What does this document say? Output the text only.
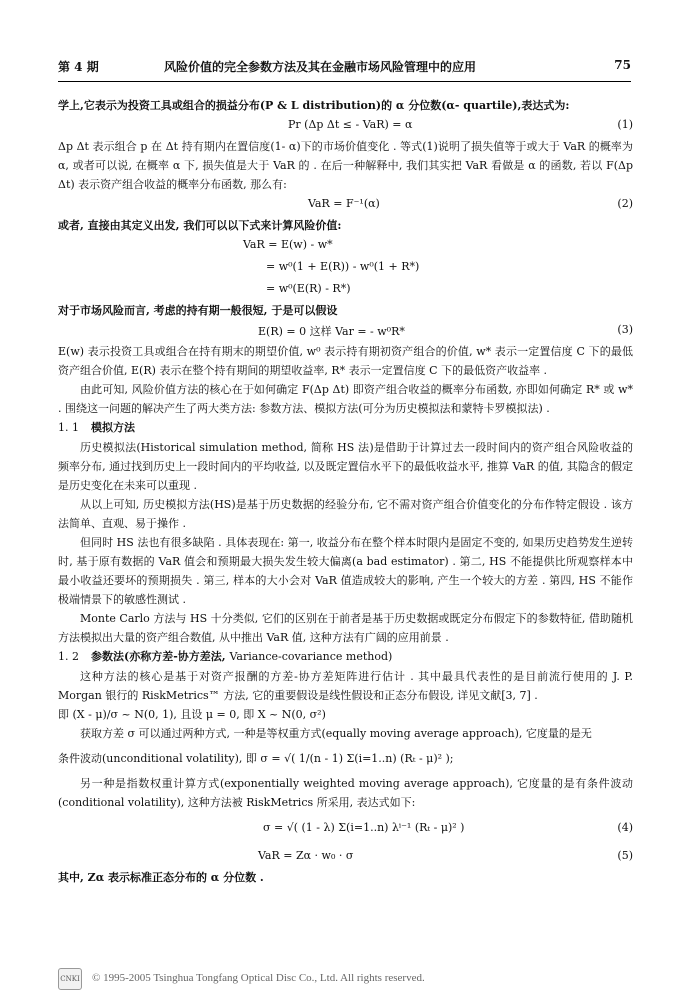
第 4 期	风险价值的完全参数方法及其在金融市场风险管理中的应用	75
学上,它表示为投资工具或组合的损益分布(P & L distribution)的 α 分位数(α- quartile),表达式为:
Pr (Δp Δt ≤ - VaR) = α	(1)
Δp Δt 表示组合 p 在 Δt 持有期内在置信度(1- α)下的市场价值变化 . 等式(1)说明了损失值等于或大于 VaR 的概率为 α, 或者可以说, 在概率 α 下, 损失值是大于 VaR 的 . 在后一种解释中, 我们其实把 VaR 看做是 α 的函数, 若以 F(Δp Δt) 表示资产组合收益的概率分布函数, 那么有:
VaR = F⁻¹(α)	(2)
或者, 直接由其定义出发, 我们可以以下式来计算风险价值:
VaR = E(w) - w*
= w⁰(1 + E(R)) - w⁰(1 + R*)
= w⁰(E(R) - R*)
对于市场风险而言, 考虑的持有期一般很短, 于是可以假设
E(R) = 0 这样 Var = - w⁰R*	(3)
E(w) 表示投资工具或组合在持有期末的期望价值, w⁰ 表示持有期初资产组合的价值, w* 表示一定置信度 C 下的最低资产组合价值, E(R) 表示在整个持有期间的期望收益率, R* 表示一定置信度 C 下的最低资产收益率 .
由此可知, 风险价值方法的核心在于如何确定 F(Δp Δt) 即资产组合收益的概率分布函数, 亦即如何确定 R* 或 w* . 围绕这一问题的解决产生了两大类方法: 参数方法、模拟方法(可分为历史模拟法和蒙特卡罗模拟法) .
1. 1 模拟方法
历史模拟法(Historical simulation method, 简称 HS 法)是借助于计算过去一段时间内的资产组合风险收益的频率分布, 通过找到历史上一段时间内的平均收益, 以及既定置信水平下的最低收益水平, 推算 VaR 的值, 其隐含的假定是历史变化在未来可以重现 .
从以上可知, 历史模拟方法(HS)是基于历史数据的经验分布, 它不需对资产组合价值变化的分布作特定假设 . 该方法简单、直观、易于操作 .
但同时 HS 法也有很多缺陷 . 具体表现在: 第一, 收益分布在整个样本时限内是固定不变的, 如果历史趋势发生逆转时, 基于原有数据的 VaR 值会和预期最大损失发生较大偏离(a bad estimator) . 第二, HS 不能提供比所观察样本中最小收益还要坏的预期损失 . 第三, 样本的大小会对 VaR 值造成较大的影响, 产生一个较大的方差 . 第四, HS 不能作极端情景下的敏感性测试 .
Monte Carlo 方法与 HS 十分类似, 它们的区别在于前者是基于历史数据或既定分布假定下的参数特征, 借助随机方法模拟出大量的资产组合数值, 从中推出 VaR 值, 这种方法有广阔的应用前景 .
1. 2 参数法(亦称方差-协方差法, Variance-covariance method)
这种方法的核心是基于对资产报酬的方差-协方差矩阵进行估计 . 其中最具代表性的是目前流行使用的 J. P. Morgan 银行的 RiskMetrics™ 方法, 它的重要假设是线性假设和正态分布假设, 详见文献[3, 7] .
即 (X - μ)/σ ~ N(0, 1), 且设 μ = 0, 即 X ~ N(0, σ²)
获取方差 σ 可以通过两种方式, 一种是等权重方式(equally moving average approach), 它度量的是无
条件波动(unconditional volatility), 即 σ = √( 1/(n - 1) Σ(i=1..n) (Rₜ - μ)² );
另一种是指数权重计算方式(exponentially weighted moving average approach), 它度量的是有条件波动(conditional volatility), 这种方法被 RiskMetrics 所采用, 表达式如下:
σ = √( (1 - λ) Σ(i=1..n) λⁱ⁻¹ (Rₜ - μ)² )	(4)
VaR = Zα · w₀ · σ	(5)
其中, Zα 表示标准正态分布的 α 分位数 .
CNKI © 1995-2005 Tsinghua Tongfang Optical Disc Co., Ltd. All rights reserved.
